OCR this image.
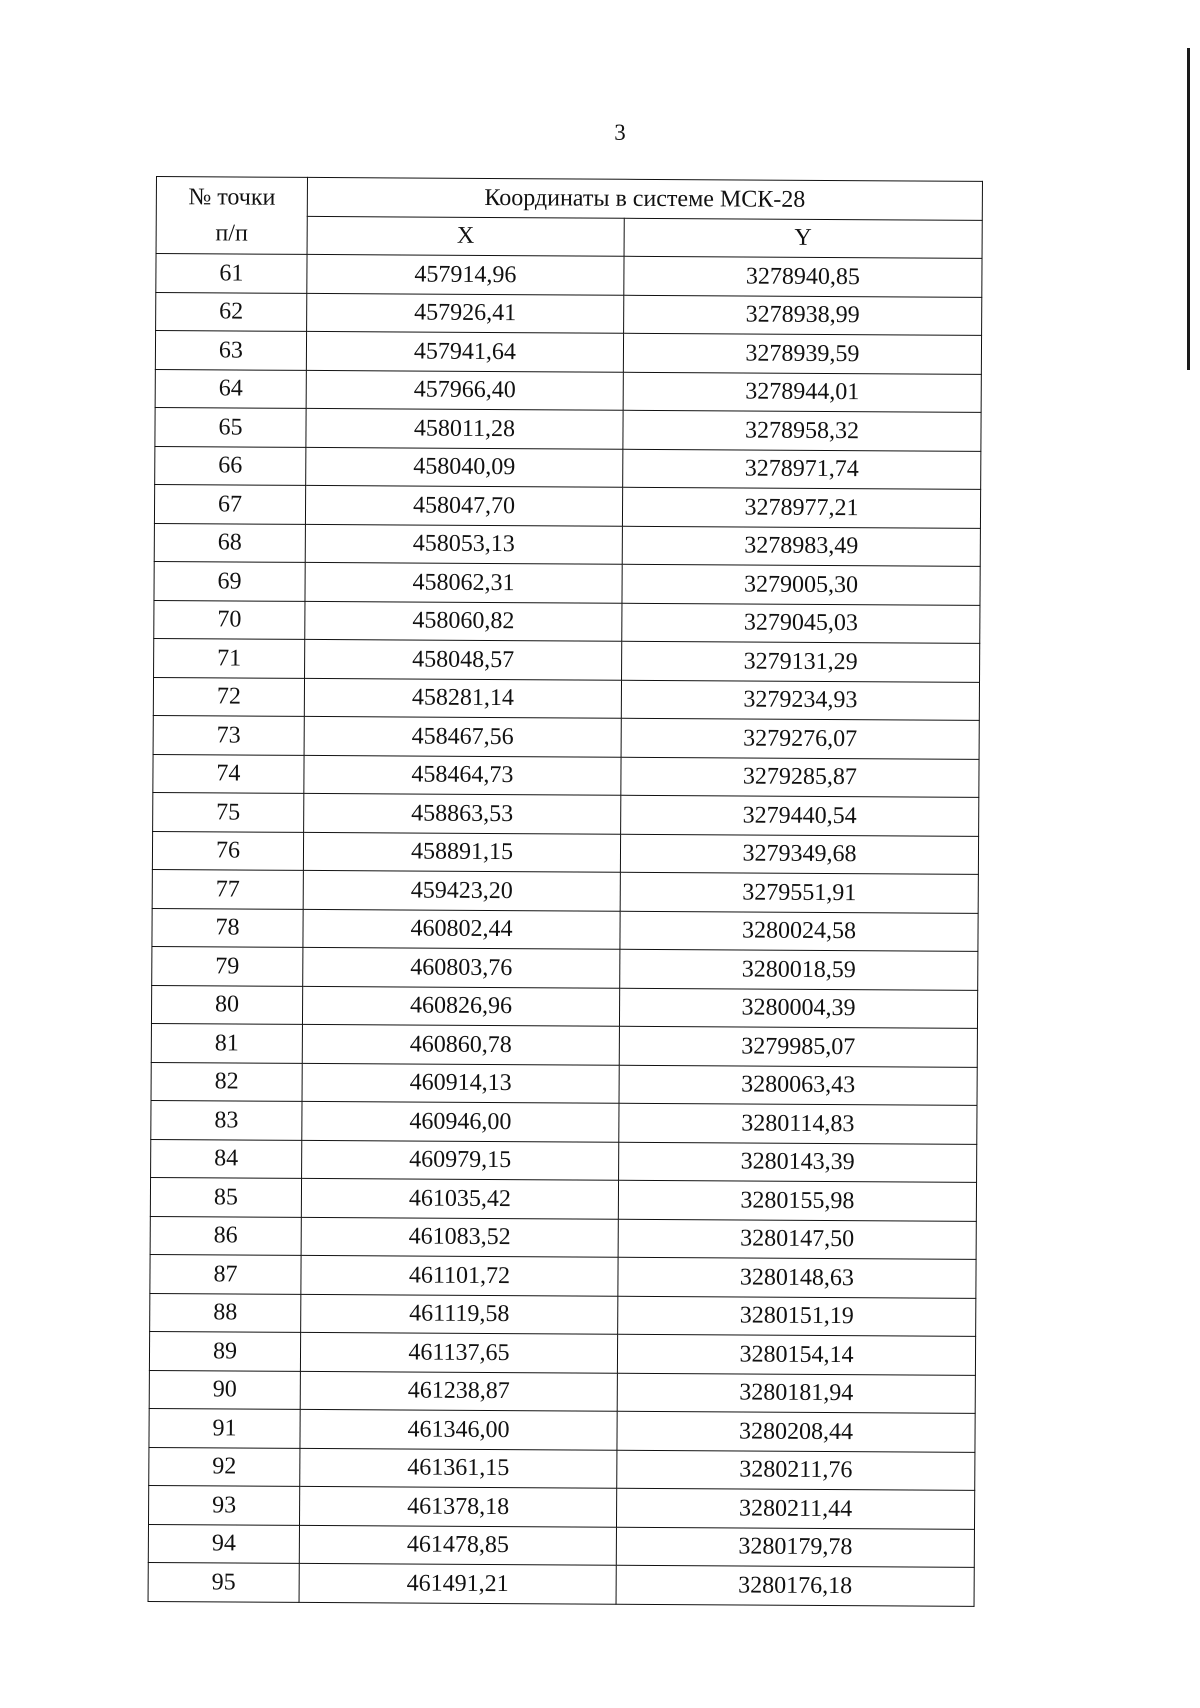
3
№ точки
п/п	Координаты в системе МСК-28	
	X	Y
61	457914,96	3278940,85
62	457926,41	3278938,99
63	457941,64	3278939,59
64	457966,40	3278944,01
65	458011,28	3278958,32
66	458040,09	3278971,74
67	458047,70	3278977,21
68	458053,13	3278983,49
69	458062,31	3279005,30
70	458060,82	3279045,03
71	458048,57	3279131,29
72	458281,14	3279234,93
73	458467,56	3279276,07
74	458464,73	3279285,87
75	458863,53	3279440,54
76	458891,15	3279349,68
77	459423,20	3279551,91
78	460802,44	3280024,58
79	460803,76	3280018,59
80	460826,96	3280004,39
81	460860,78	3279985,07
82	460914,13	3280063,43
83	460946,00	3280114,83
84	460979,15	3280143,39
85	461035,42	3280155,98
86	461083,52	3280147,50
87	461101,72	3280148,63
88	461119,58	3280151,19
89	461137,65	3280154,14
90	461238,87	3280181,94
91	461346,00	3280208,44
92	461361,15	3280211,76
93	461378,18	3280211,44
94	461478,85	3280179,78
95	461491,21	3280176,18
